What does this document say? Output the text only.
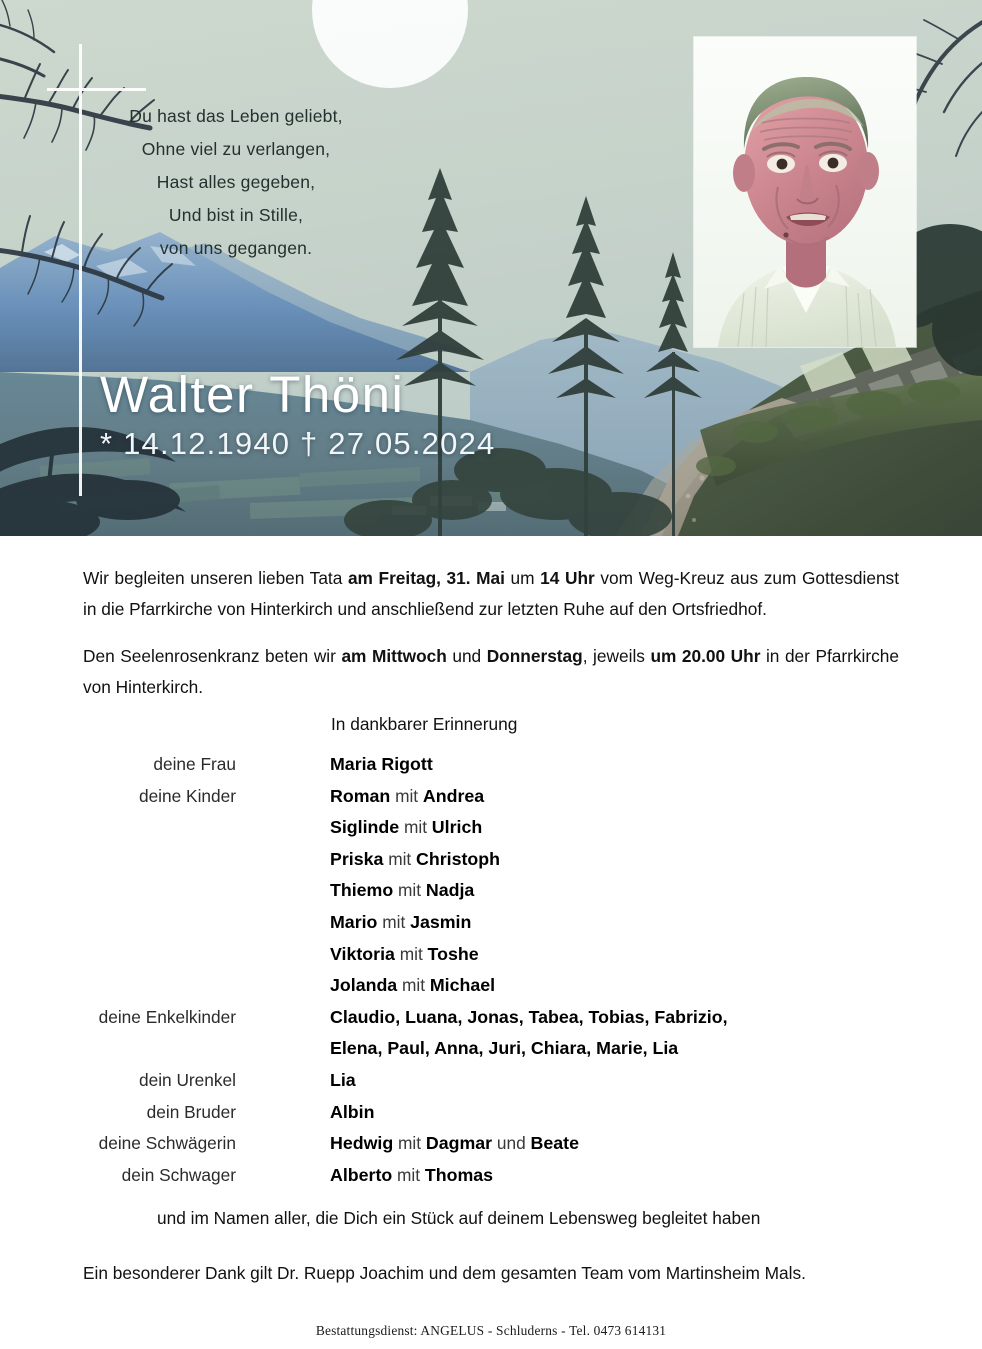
Du hast das Leben geliebt,
Ohne viel zu verlangen,
Hast alles gegeben,
Und bist in Stille,
von uns gegangen.
Walter Thöni
* 14.12.1940 † 27.05.2024

Wir begleiten unseren lieben Tata am Freitag, 31. Mai um 14 Uhr vom Weg-Kreuz aus zum Gottesdienst in die Pfarrkirche von Hinterkirch und anschließend zur letzten Ruhe auf den Ortsfriedhof.

Den Seelenrosenkranz beten wir am Mittwoch und Donnerstag, jeweils um 20.00 Uhr in der Pfarrkirche von Hinterkirch.

In dankbarer Erinnerung
deine Frau	Maria Rigott
deine Kinder	Roman mit Andrea
Siglinde mit Ulrich
Priska mit Christoph
Thiemo mit Nadja
Mario mit Jasmin
Viktoria mit Toshe
Jolanda mit Michael
deine Enkelkinder	Claudio, Luana, Jonas, Tabea, Tobias, Fabrizio,
Elena, Paul, Anna, Juri, Chiara, Marie, Lia
dein Urenkel	Lia
dein Bruder	Albin
deine Schwägerin	Hedwig mit Dagmar und Beate
dein Schwager	Alberto mit Thomas
und im Namen aller, die Dich ein Stück auf deinem Lebensweg begleitet haben
Ein besonderer Dank gilt Dr. Ruepp Joachim und dem gesamten Team vom Martinsheim Mals.
Bestattungsdienst: ANGELUS - Schluderns - Tel. 0473 614131
